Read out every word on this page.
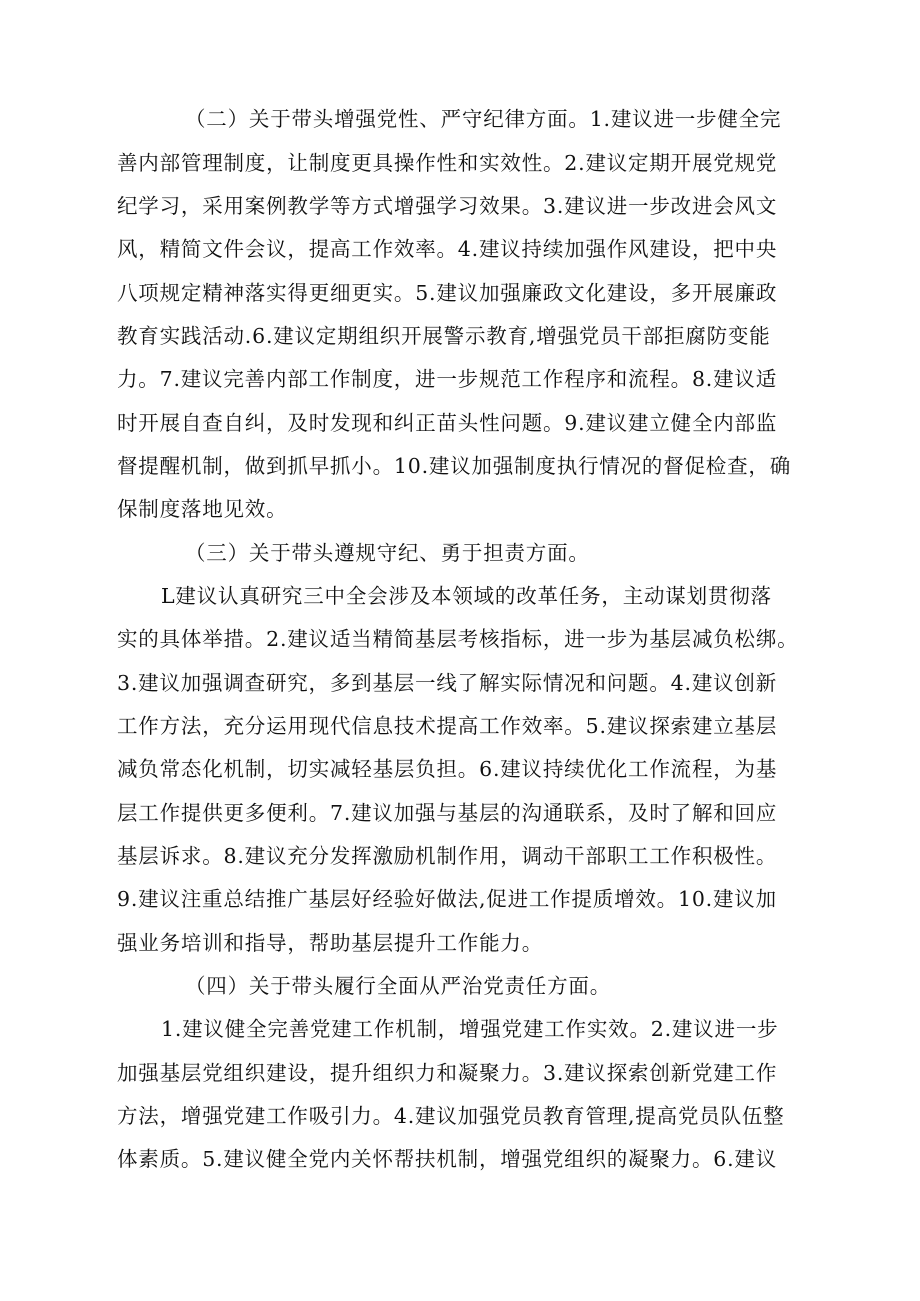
（二）关于带头增强党性、严守纪律方面。1.建议进一步健全完
善内部管理制度，让制度更具操作性和实效性。2.建议定期开展党规党
纪学习，采用案例教学等方式增强学习效果。3.建议进一步改进会风文
风，精简文件会议，提高工作效率。4.建议持续加强作风建设，把中央
八项规定精神落实得更细更实。5.建议加强廉政文化建设，多开展廉政
教育实践活动.6.建议定期组织开展警示教育,增强党员干部拒腐防变能
力。7.建议完善内部工作制度，进一步规范工作程序和流程。8.建议适
时开展自查自纠，及时发现和纠正苗头性问题。9.建议建立健全内部监
督提醒机制，做到抓早抓小。10.建议加强制度执行情况的督促检查，确
保制度落地见效。
（三）关于带头遵规守纪、勇于担责方面。
L建议认真研究三中全会涉及本领域的改革任务，主动谋划贯彻落
实的具体举措。2.建议适当精简基层考核指标，进一步为基层减负松绑。
3.建议加强调查研究，多到基层一线了解实际情况和问题。4.建议创新
工作方法，充分运用现代信息技术提高工作效率。5.建议探索建立基层
减负常态化机制，切实减轻基层负担。6.建议持续优化工作流程，为基
层工作提供更多便利。7.建议加强与基层的沟通联系，及时了解和回应
基层诉求。8.建议充分发挥激励机制作用，调动干部职工工作积极性。
9.建议注重总结推广基层好经验好做法,促进工作提质增效。10.建议加
强业务培训和指导，帮助基层提升工作能力。
（四）关于带头履行全面从严治党责任方面。
1.建议健全完善党建工作机制，增强党建工作实效。2.建议进一步
加强基层党组织建设，提升组织力和凝聚力。3.建议探索创新党建工作
方法，增强党建工作吸引力。4.建议加强党员教育管理,提高党员队伍整
体素质。5.建议健全党内关怀帮扶机制，增强党组织的凝聚力。6.建议
